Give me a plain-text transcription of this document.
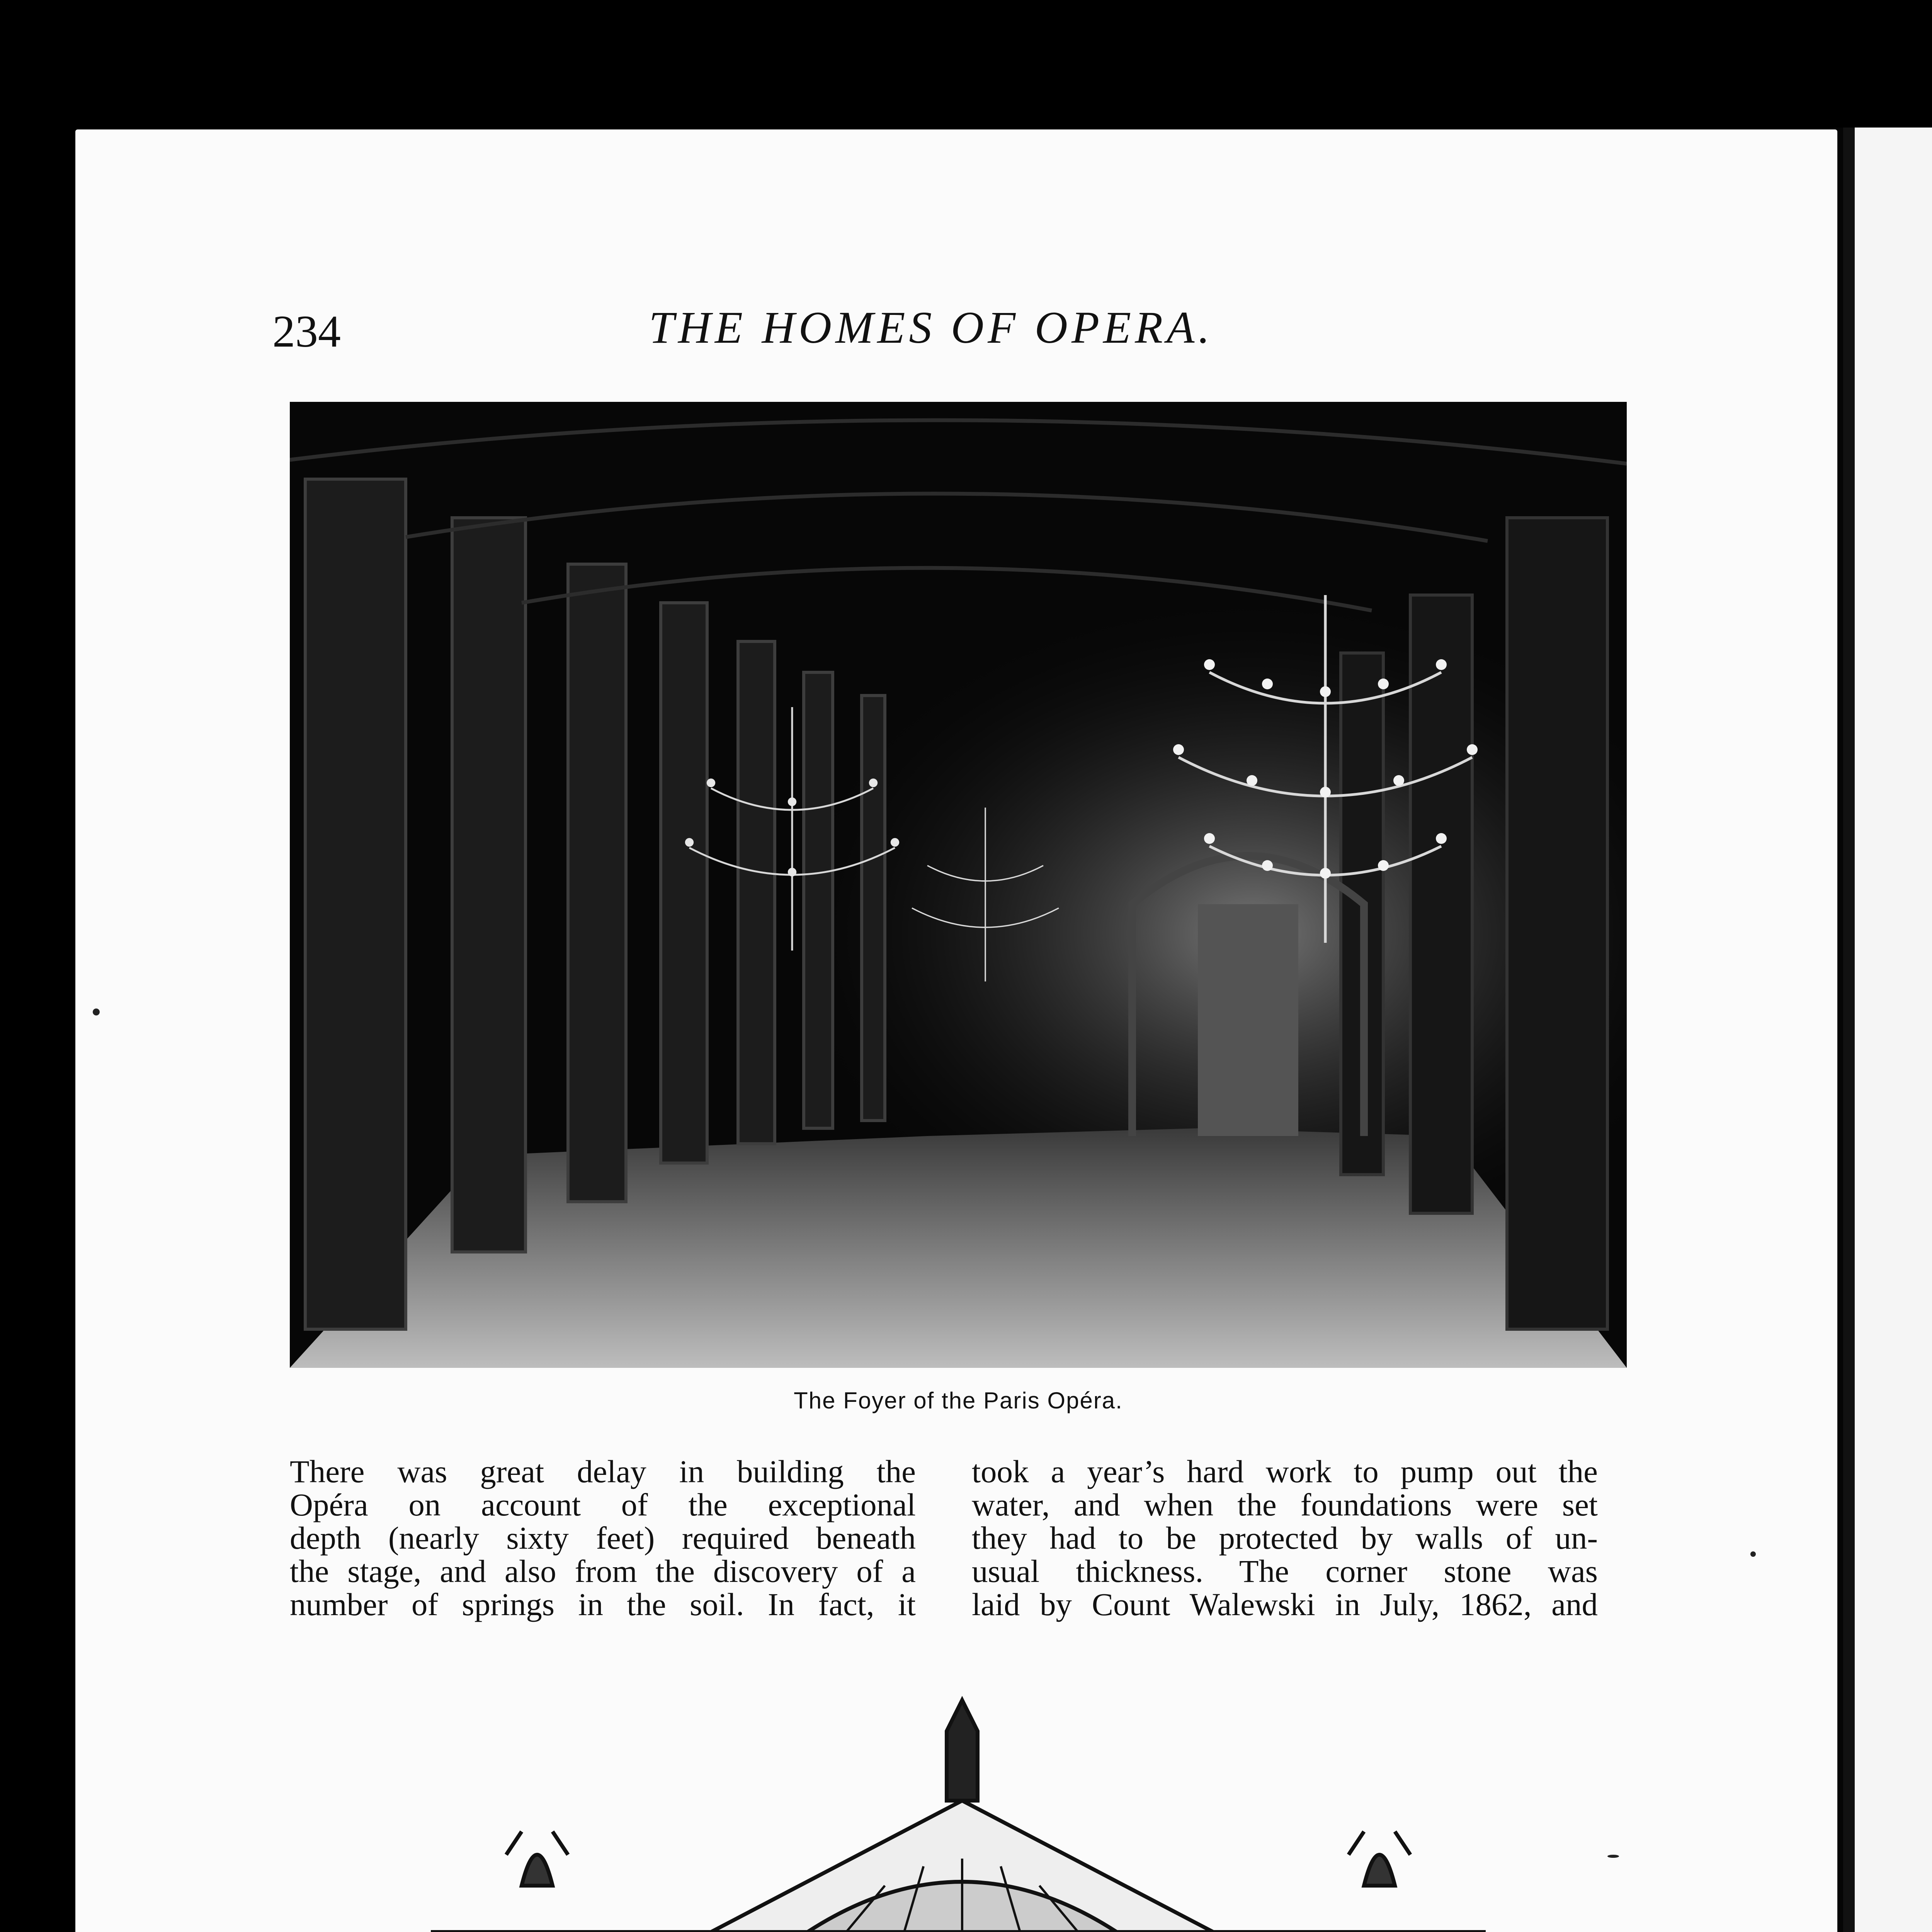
234	THE HOMES OF OPERA.
The Foyer of the Paris Opéra.
There was great delay in building the
Opéra on account of the exceptional
depth (nearly sixty feet) required beneath
the stage, and also from the discovery of a
number of springs in the soil. In fact, it
took a year’s hard work to pump out the
water, and when the foundations were set
they had to be protected by walls of un-
usual thickness. The corner stone was
laid by Count Walewski in July, 1862, and
